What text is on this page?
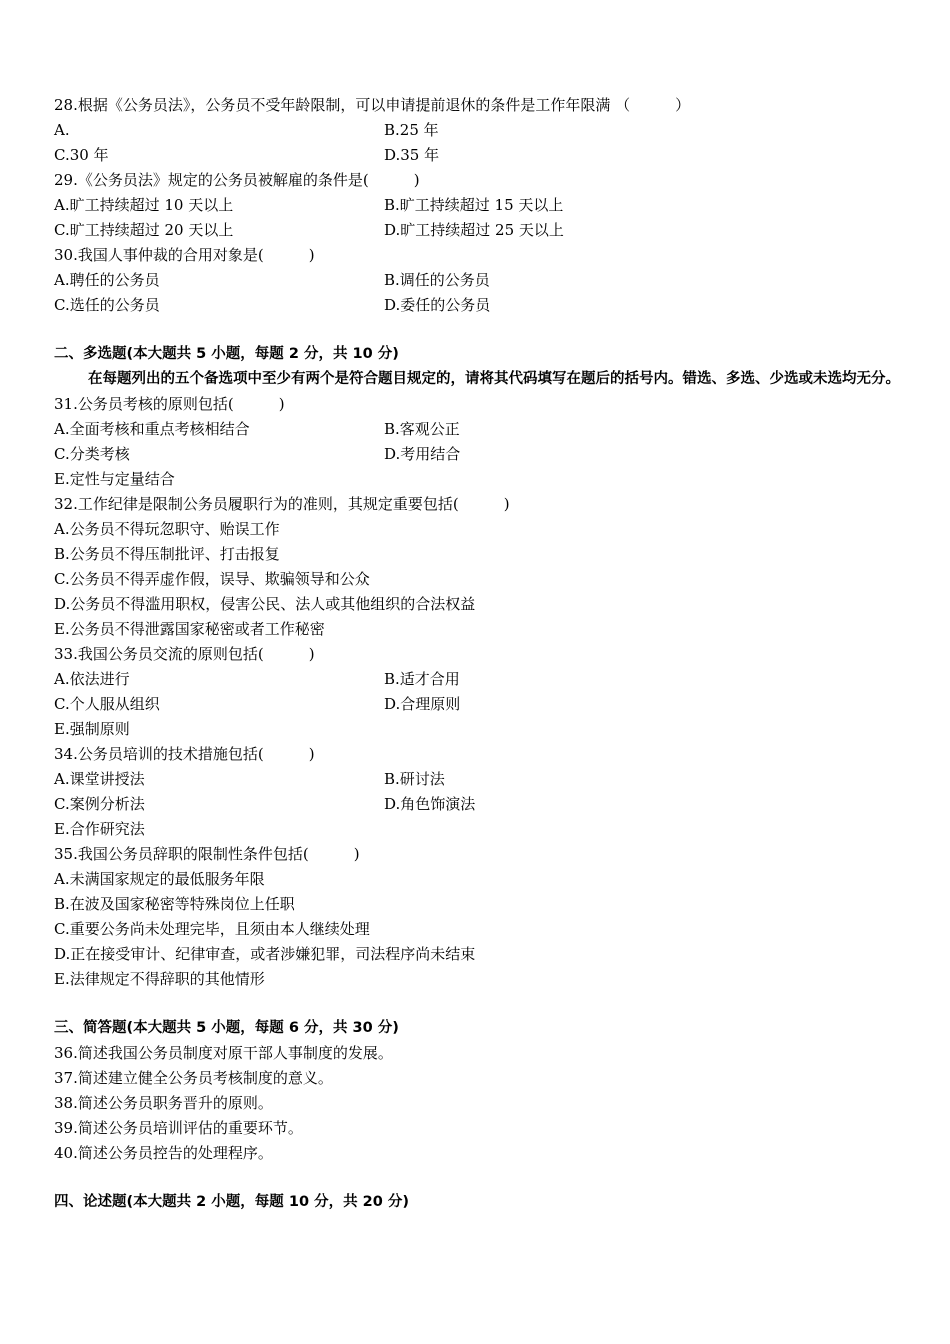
28.根据《公务员法》，公务员不受年龄限制，可以申请提前退休的条件是工作年限满 （　　　）
A.	B.25 年
C.30 年	D.35 年
29.《公务员法》规定的公务员被解雇的条件是(　　　)
A.旷工持续超过 10 天以上	B.旷工持续超过 15 天以上
C.旷工持续超过 20 天以上	D.旷工持续超过 25 天以上
30.我国人事仲裁的合用对象是(　　　)
A.聘任的公务员	B.调任的公务员
C.选任的公务员	D.委任的公务员
二、多选题(本大题共 5 小题，每题 2 分，共 10 分)
在每题列出的五个备选项中至少有两个是符合题目规定的，请将其代码填写在题后的括号内。错选、多选、少选或未选均无分。
31.公务员考核的原则包括(　　　)
A.全面考核和重点考核相结合	B.客观公正
C.分类考核	D.考用结合
E.定性与定量结合
32.工作纪律是限制公务员履职行为的准则，其规定重要包括(　　　)
A.公务员不得玩忽职守、贻误工作
B.公务员不得压制批评、打击报复
C.公务员不得弄虚作假，误导、欺骗领导和公众
D.公务员不得滥用职权，侵害公民、法人或其他组织的合法权益
E.公务员不得泄露国家秘密或者工作秘密
33.我国公务员交流的原则包括(　　　)
A.依法进行	B.适才合用
C.个人服从组织	D.合理原则
E.强制原则
34.公务员培训的技术措施包括(　　　)
A.课堂讲授法	B.研讨法
C.案例分析法	D.角色饰演法
E.合作研究法
35.我国公务员辞职的限制性条件包括(　　　)
A.未满国家规定的最低服务年限
B.在波及国家秘密等特殊岗位上任职
C.重要公务尚未处理完毕，且须由本人继续处理
D.正在接受审计、纪律审查，或者涉嫌犯罪，司法程序尚未结束
E.法律规定不得辞职的其他情形
三、简答题(本大题共 5 小题，每题 6 分，共 30 分)
36.简述我国公务员制度对原干部人事制度的发展。
37.简述建立健全公务员考核制度的意义。
38.简述公务员职务晋升的原则。
39.简述公务员培训评估的重要环节。
40.简述公务员控告的处理程序。
四、论述题(本大题共 2 小题，每题 10 分，共 20 分)
